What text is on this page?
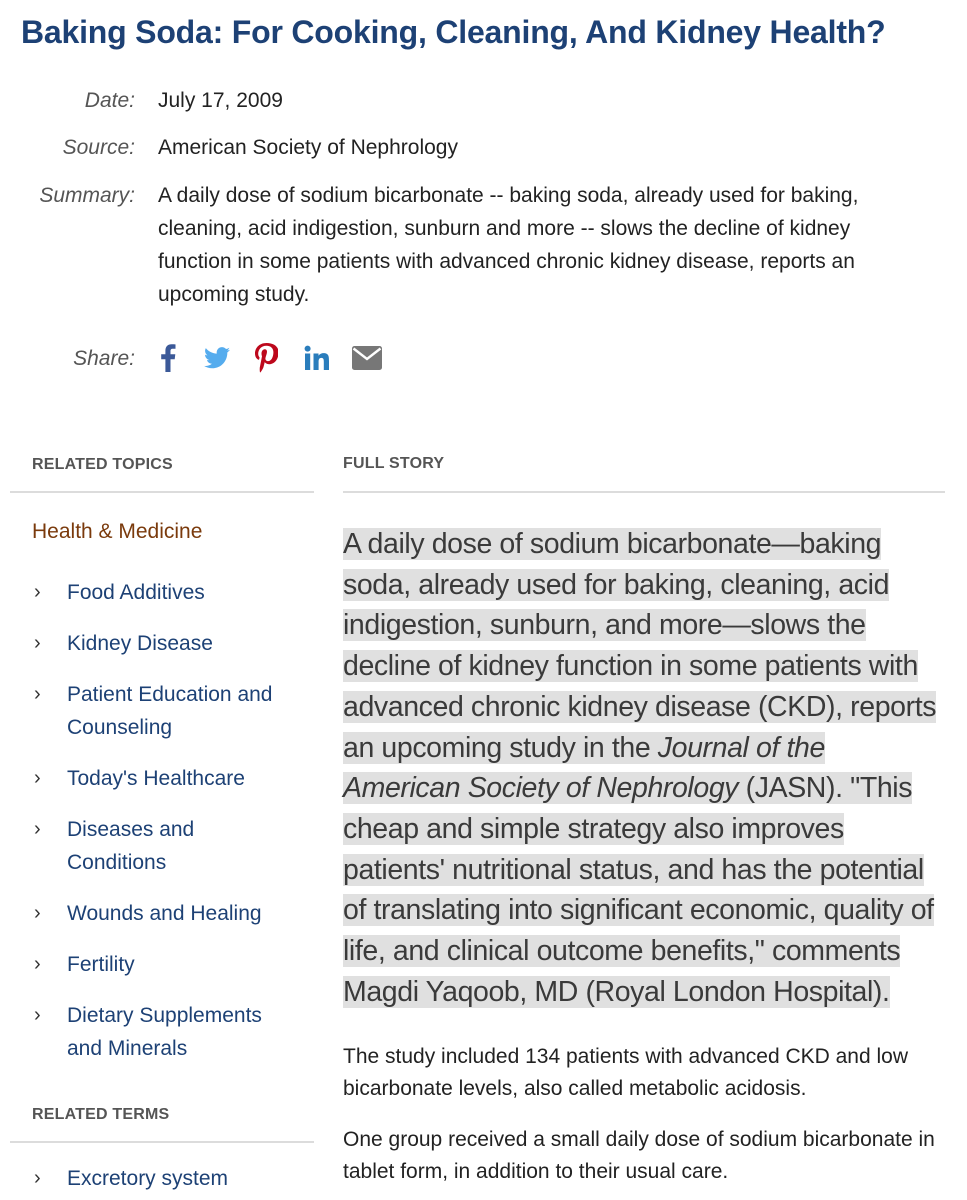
Baking Soda: For Cooking, Cleaning, And Kidney Health?
Date: July 17, 2009
Source: American Society of Nephrology
Summary: A daily dose of sodium bicarbonate -- baking soda, already used for baking, cleaning, acid indigestion, sunburn and more -- slows the decline of kidney function in some patients with advanced chronic kidney disease, reports an upcoming study.
Share:
RELATED TOPICS
Health & Medicine
› Food Additives
› Kidney Disease
› Patient Education and Counseling
› Today's Healthcare
› Diseases and Conditions
› Wounds and Healing
› Fertility
› Dietary Supplements and Minerals
RELATED TERMS
› Excretory system
FULL STORY

A daily dose of sodium bicarbonate—baking soda, already used for baking, cleaning, acid indigestion, sunburn, and more—slows the decline of kidney function in some patients with advanced chronic kidney disease (CKD), reports an upcoming study in the Journal of the American Society of Nephrology (JASN). "This cheap and simple strategy also improves patients' nutritional status, and has the potential of translating into significant economic, quality of life, and clinical outcome benefits," comments Magdi Yaqoob, MD (Royal London Hospital).

The study included 134 patients with advanced CKD and low bicarbonate levels, also called metabolic acidosis.

One group received a small daily dose of sodium bicarbonate in tablet form, in addition to their usual care.
